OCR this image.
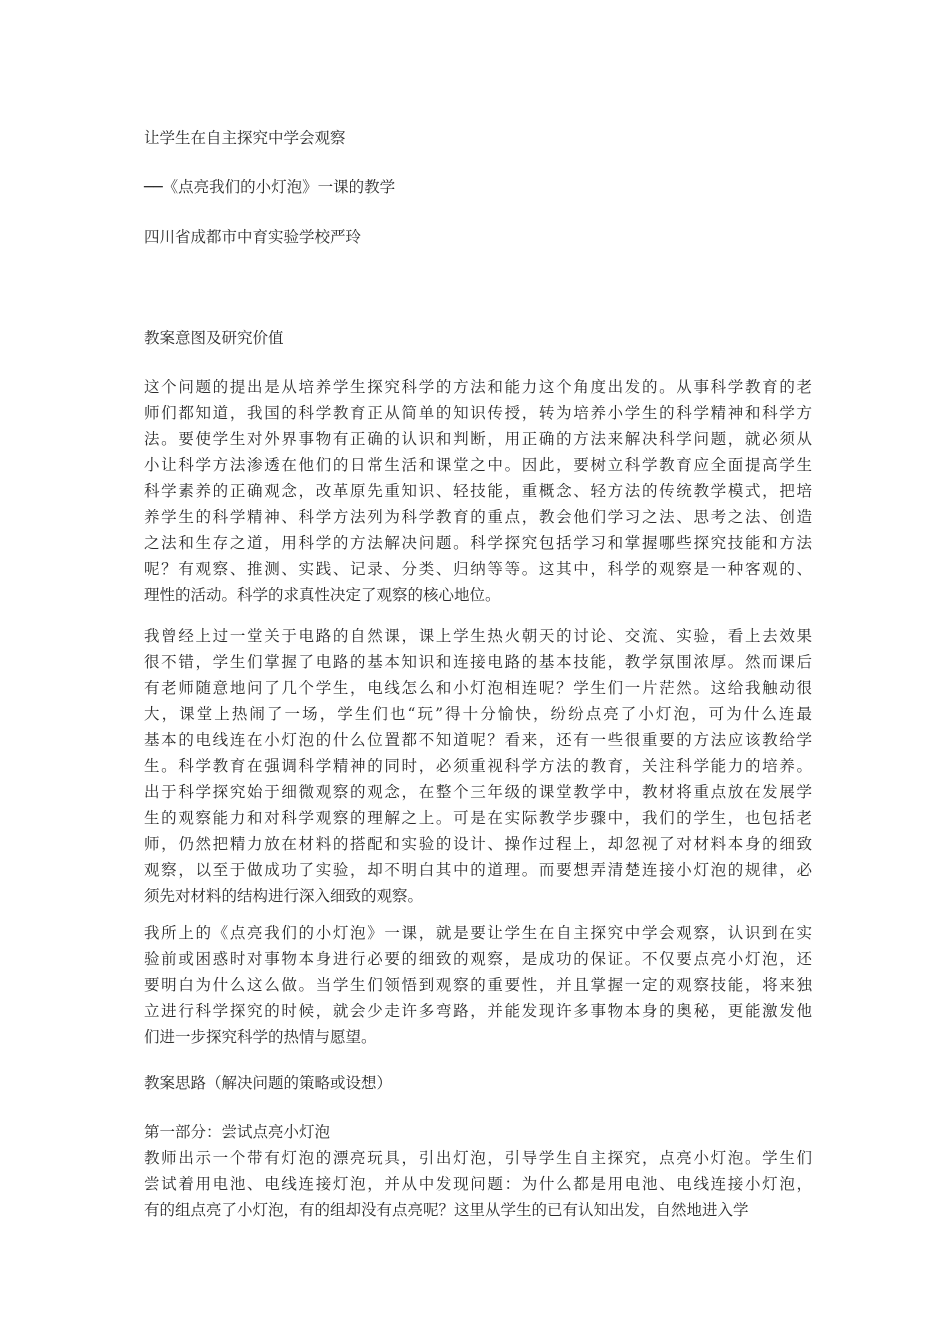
让学生在自主探究中学会观察

──《点亮我们的小灯泡》一课的教学

四川省成都市中育实验学校严玲

教案意图及研究价值

这个问题的提出是从培养学生探究科学的方法和能力这个角度出发的。从事科学教育的老
师们都知道，我国的科学教育正从简单的知识传授，转为培养小学生的科学精神和科学方
法。要使学生对外界事物有正确的认识和判断，用正确的方法来解决科学问题，就必须从
小让科学方法渗透在他们的日常生活和课堂之中。因此，要树立科学教育应全面提高学生
科学素养的正确观念，改革原先重知识、轻技能，重概念、轻方法的传统教学模式，把培
养学生的科学精神、科学方法列为科学教育的重点，教会他们学习之法、思考之法、创造
之法和生存之道，用科学的方法解决问题。科学探究包括学习和掌握哪些探究技能和方法
呢？有观察、推测、实践、记录、分类、归纳等等。这其中，科学的观察是一种客观的、
理性的活动。科学的求真性决定了观察的核心地位。
我曾经上过一堂关于电路的自然课，课上学生热火朝天的讨论、交流、实验，看上去效果
很不错，学生们掌握了电路的基本知识和连接电路的基本技能，教学氛围浓厚。然而课后
有老师随意地问了几个学生，电线怎么和小灯泡相连呢？学生们一片茫然。这给我触动很
大，课堂上热闹了一场，学生们也“玩”得十分愉快，纷纷点亮了小灯泡，可为什么连最
基本的电线连在小灯泡的什么位置都不知道呢？看来，还有一些很重要的方法应该教给学
生。科学教育在强调科学精神的同时，必须重视科学方法的教育，关注科学能力的培养。
出于科学探究始于细微观察的观念，在整个三年级的课堂教学中，教材将重点放在发展学
生的观察能力和对科学观察的理解之上。可是在实际教学步骤中，我们的学生，也包括老
师，仍然把精力放在材料的搭配和实验的设计、操作过程上，却忽视了对材料本身的细致
观察，以至于做成功了实验，却不明白其中的道理。而要想弄清楚连接小灯泡的规律，必
须先对材料的结构进行深入细致的观察。
我所上的《点亮我们的小灯泡》一课，就是要让学生在自主探究中学会观察，认识到在实
验前或困惑时对事物本身进行必要的细致的观察，是成功的保证。不仅要点亮小灯泡，还
要明白为什么这么做。当学生们领悟到观察的重要性，并且掌握一定的观察技能，将来独
立进行科学探究的时候，就会少走许多弯路，并能发现许多事物本身的奥秘，更能激发他
们进一步探究科学的热情与愿望。

教案思路（解决问题的策略或设想）

第一部分：尝试点亮小灯泡

教师出示一个带有灯泡的漂亮玩具，引出灯泡，引导学生自主探究，点亮小灯泡。学生们
尝试着用电池、电线连接灯泡，并从中发现问题：为什么都是用电池、电线连接小灯泡，
有的组点亮了小灯泡，有的组却没有点亮呢？这里从学生的已有认知出发，自然地进入学
